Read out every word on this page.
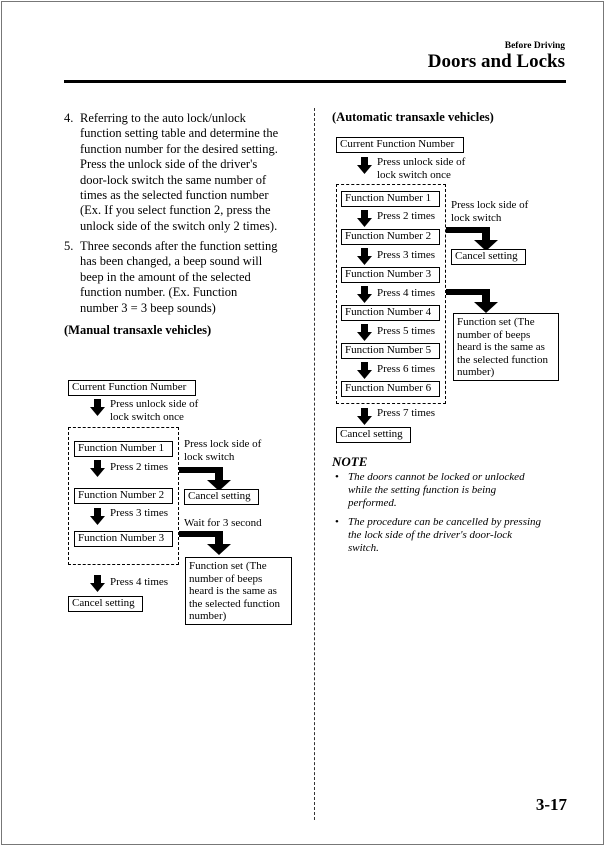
Before Driving
Doors and Locks
4. Referring to the auto lock/unlock
function setting table and determine the
function number for the desired setting.
Press the unlock side of the driver's
door-lock switch the same number of
times as the selected function number
(Ex. If you select function 2, press the
unlock side of the switch only 2 times).
5. Three seconds after the function setting
has been changed, a beep sound will
beep in the amount of the selected
function number. (Ex. Function
number 3 = 3 beep sounds)
(Manual transaxle vehicles)
Current Function Number
Press unlock side of
lock switch once
Function Number 1
Press 2 times
Function Number 2
Press 3 times
Function Number 3
Press 4 times
Cancel setting
Press lock side of
lock switch
Cancel setting
Wait for 3 second
Function set (The
number of beeps
heard is the same as
the selected function
number)
(Automatic transaxle vehicles)
Current Function Number
Press unlock side of
lock switch once
Function Number 1
Press 2 times
Function Number 2
Press 3 times
Function Number 3
Press 4 times
Function Number 4
Press 5 times
Function Number 5
Press 6 times
Function Number 6
Press 7 times
Cancel setting
Press lock side of
lock switch
Cancel setting
Function set (The
number of beeps
heard is the same as
the selected function
number)
NOTE
• The doors cannot be locked or unlocked
while the setting function is being
performed.
• The procedure can be cancelled by pressing
the lock side of the driver's door-lock
switch.
3-17
